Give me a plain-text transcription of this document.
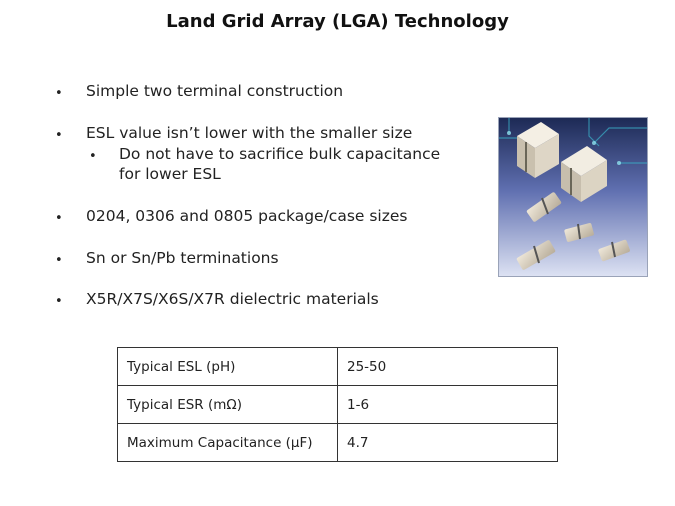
Land Grid Array (LGA) Technology
• Simple two terminal construction
• ESL value isn’t lower with the smaller size
• Do not have to sacrifice bulk capacitance
for lower ESL
• 0204, 0306 and 0805 package/case sizes
• Sn or Sn/Pb terminations
• X5R/X7S/X6S/X7R dielectric materials
Typical ESL (pH)	25-50
Typical ESR (mΩ)	1-6
Maximum Capacitance (µF)	4.7
